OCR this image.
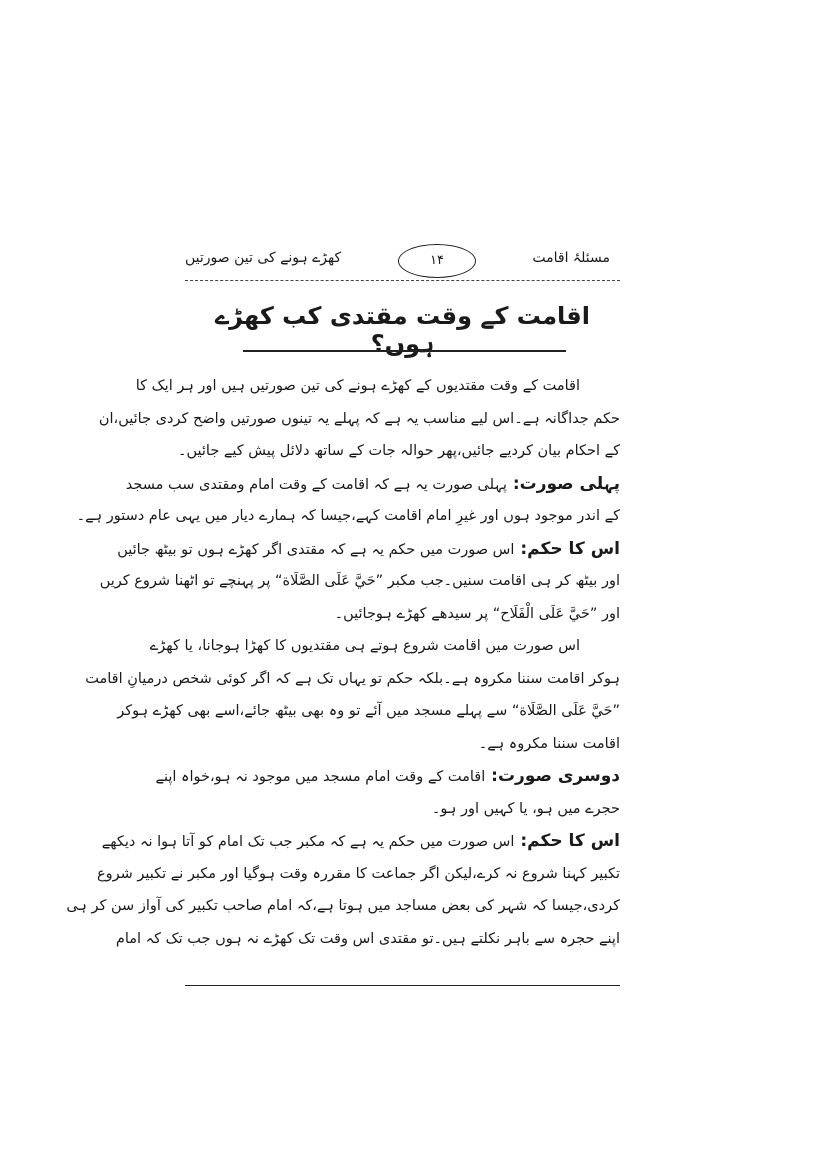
مسئلۂ اقامت
۱۴
کھڑے ہونے کی تین صورتیں
اقامت کے وقت مقتدی کب کھڑے ہوں؟
اقامت کے وقت مقتدیوں کے کھڑے ہونے کی تین صورتیں ہیں اور ہر ایک کا
حکم جداگانہ ہے۔اس لیے مناسب یہ ہے کہ پہلے یہ تینوں صورتیں واضح کردی جائیں،ان
کے احکام بیان کردیے جائیں،پھر حوالہ جات کے ساتھ دلائل پیش کیے جائیں۔
پہلی صورت: پہلی صورت یہ ہے کہ اقامت کے وقت امام ومقتدی سب مسجد
کے اندر موجود ہوں اور غیرِ امام اقامت کہے،جیسا کہ ہمارے دیار میں یہی عام دستور ہے۔
اس کا حکم: اس صورت میں حکم یہ ہے کہ مقتدی اگر کھڑے ہوں تو بیٹھ جائیں
اور بیٹھ کر ہی اقامت سنیں۔جب مکبر ”حَيَّ عَلَی الصَّلَاة“ پر پہنچے تو اٹھنا شروع کریں
اور ”حَيَّ عَلَی الْفَلَاح“ پر سیدھے کھڑے ہوجائیں۔
اس صورت میں اقامت شروع ہوتے ہی مقتدیوں کا کھڑا ہوجانا، یا کھڑے
ہوکر اقامت سننا مکروہ ہے۔بلکہ حکم تو یہاں تک ہے کہ اگر کوئی شخص درمیانِ اقامت
”حَيَّ عَلَی الصَّلَاة“ سے پہلے مسجد میں آئے تو وہ بھی بیٹھ جائے،اسے بھی کھڑے ہوکر
اقامت سننا مکروہ ہے۔
دوسری صورت: اقامت کے وقت امام مسجد میں موجود نہ ہو،خواہ اپنے
حجرے میں ہو، یا کہیں اور ہو۔
اس کا حکم: اس صورت میں حکم یہ ہے کہ مکبر جب تک امام کو آتا ہوا نہ دیکھے
تکبیر کہنا شروع نہ کرے،لیکن اگر جماعت کا مقررہ وقت ہوگیا اور مکبر نے تکبیر شروع
کردی،جیسا کہ شہر کی بعض مساجد میں ہوتا ہے،کہ امام صاحب تکبیر کی آواز سن کر ہی
اپنے حجرہ سے باہر نکلتے ہیں۔تو مقتدی اس وقت تک کھڑے نہ ہوں جب تک کہ امام
